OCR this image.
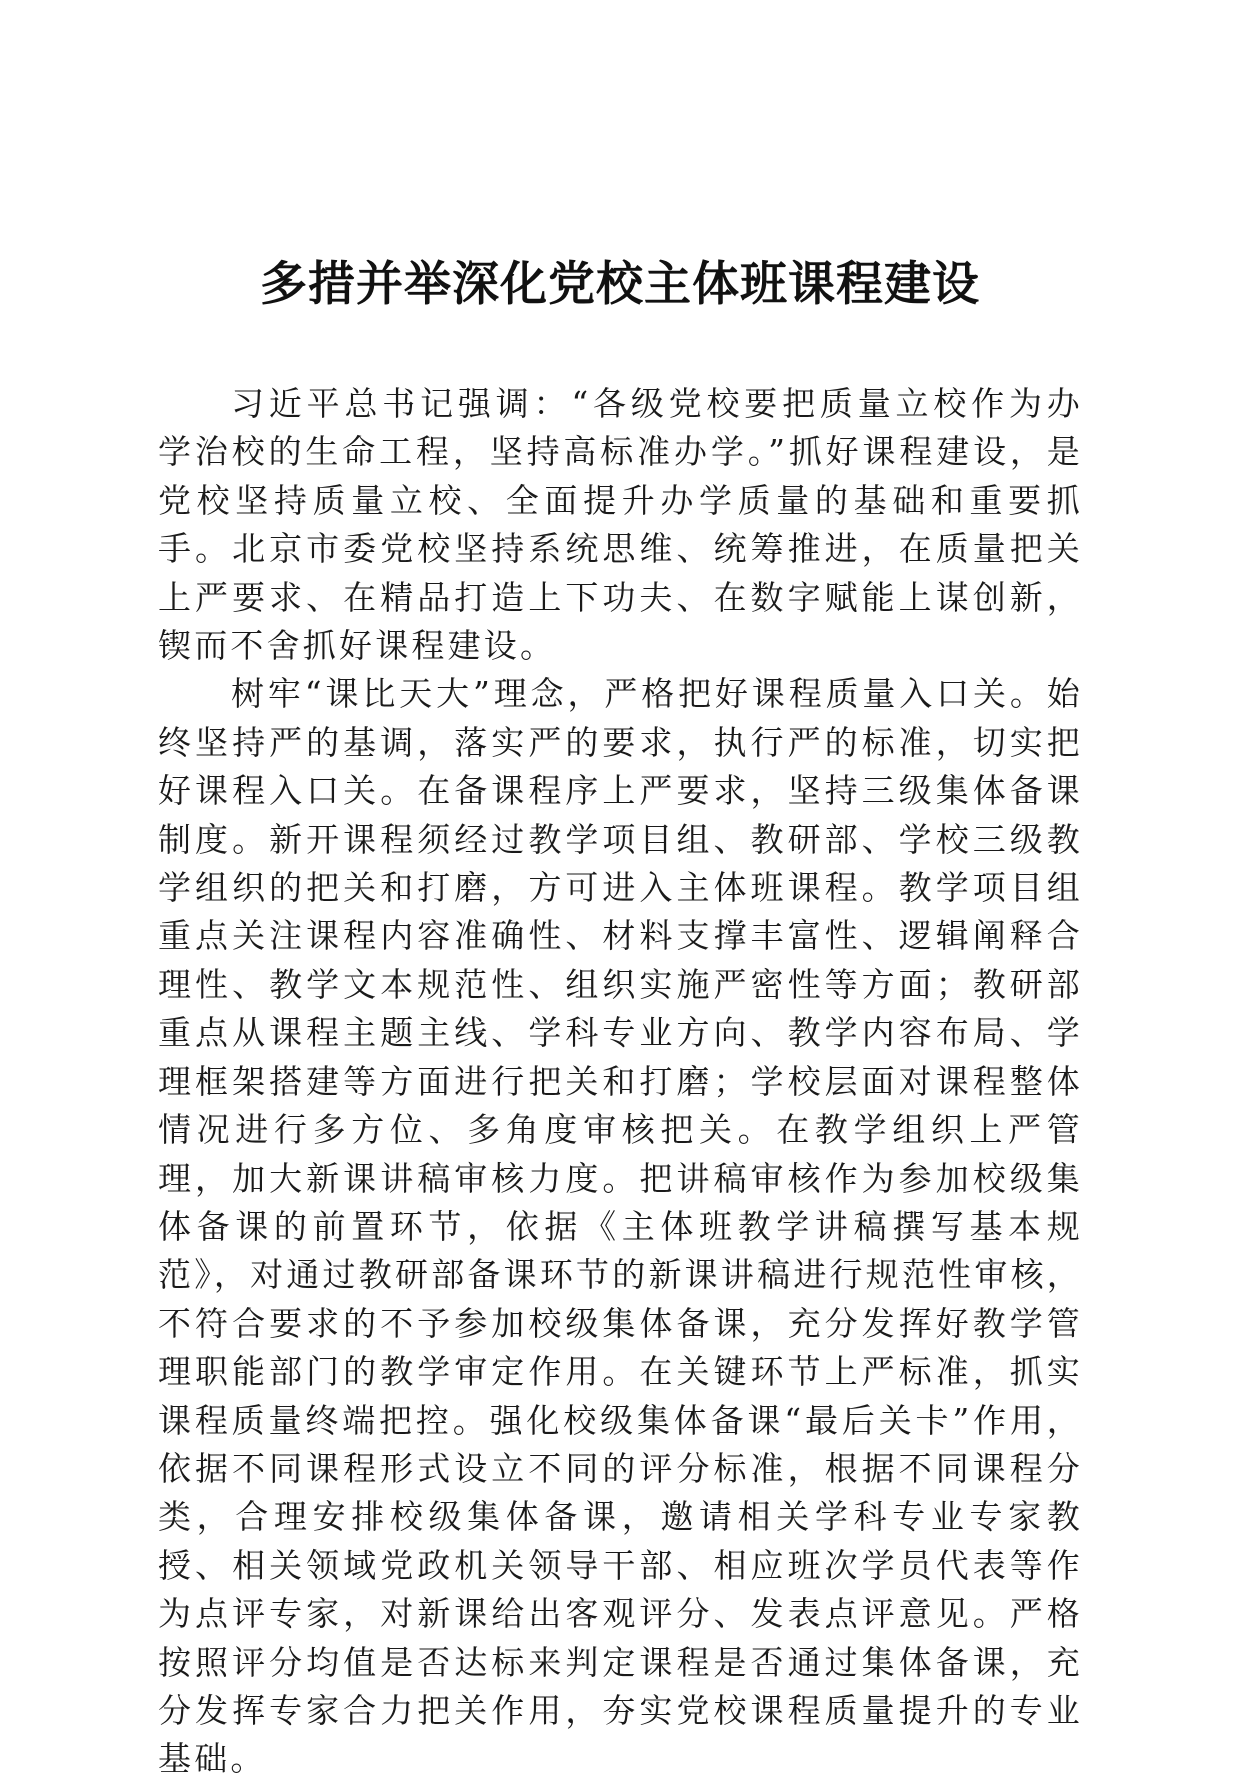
多措并举深化党校主体班课程建设

习近平总书记强调：“各级党校要把质量立校作为办学治校的生命工程，坚持高标准办学。”抓好课程建设，是党校坚持质量立校、全面提升办学质量的基础和重要抓手。北京市委党校坚持系统思维、统筹推进，在质量把关上严要求、在精品打造上下功夫、在数字赋能上谋创新，锲而不舍抓好课程建设。

树牢“课比天大”理念，严格把好课程质量入口关。始终坚持严的基调，落实严的要求，执行严的标准，切实把好课程入口关。在备课程序上严要求，坚持三级集体备课制度。新开课程须经过教学项目组、教研部、学校三级教学组织的把关和打磨，方可进入主体班课程。教学项目组重点关注课程内容准确性、材料支撑丰富性、逻辑阐释合理性、教学文本规范性、组织实施严密性等方面；教研部重点从课程主题主线、学科专业方向、教学内容布局、学理框架搭建等方面进行把关和打磨；学校层面对课程整体情况进行多方位、多角度审核把关。在教学组织上严管理，加大新课讲稿审核力度。把讲稿审核作为参加校级集体备课的前置环节，依据《主体班教学讲稿撰写基本规范》，对通过教研部备课环节的新课讲稿进行规范性审核，不符合要求的不予参加校级集体备课，充分发挥好教学管理职能部门的教学审定作用。在关键环节上严标准，抓实课程质量终端把控。强化校级集体备课“最后关卡”作用，依据不同课程形式设立不同的评分标准，根据不同课程分类，合理安排校级集体备课，邀请相关学科专业专家教授、相关领域党政机关领导干部、相应班次学员代表等作为点评专家，对新课给出客观评分、发表点评意见。严格按照评分均值是否达标来判定课程是否通过集体备课，充分发挥专家合力把关作用，夯实党校课程质量提升的专业基础。
